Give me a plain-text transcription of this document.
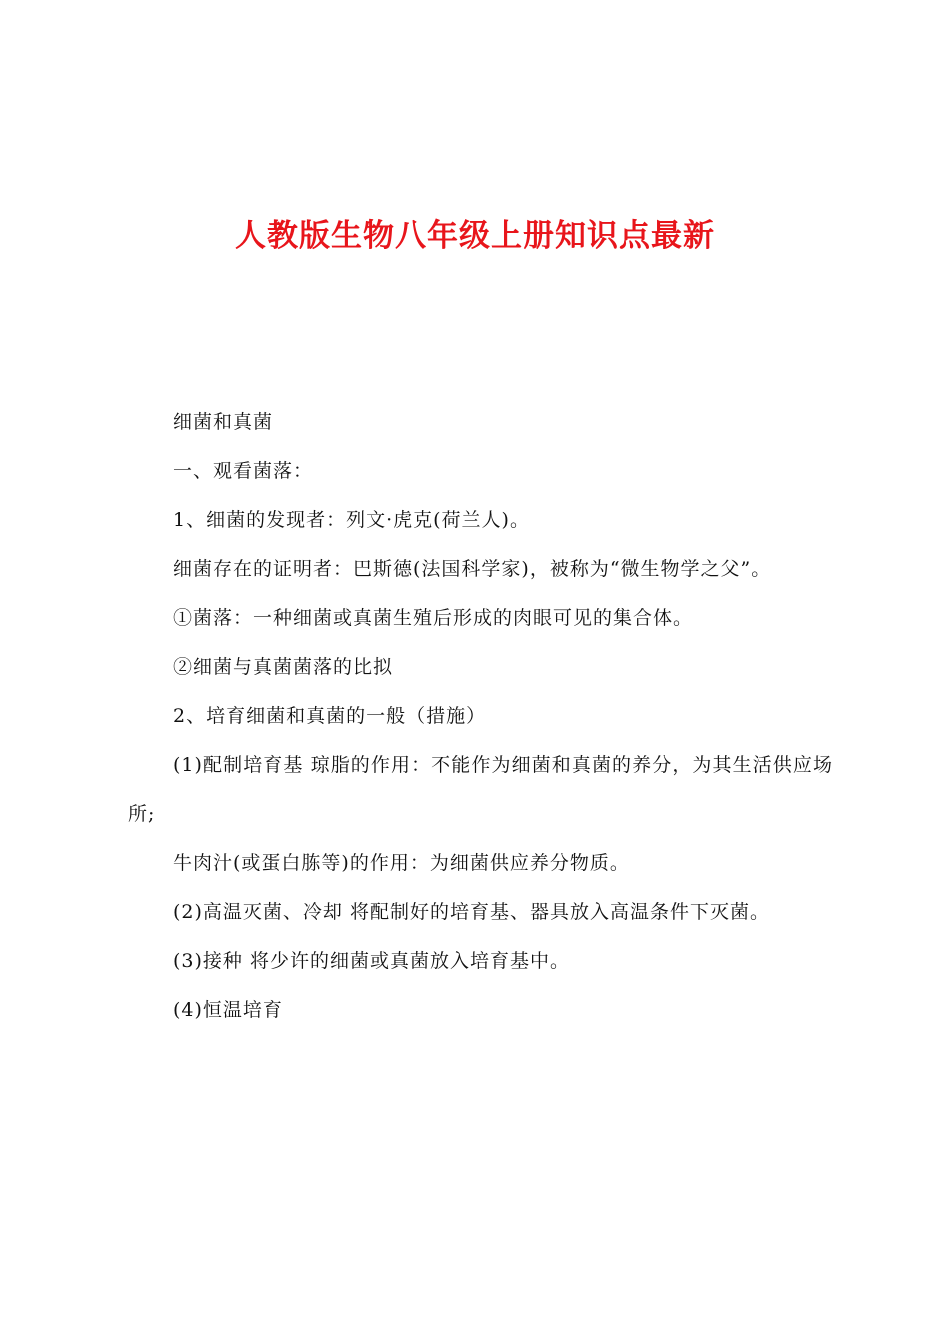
人教版生物八年级上册知识点最新

细菌和真菌

一、观看菌落：

1、细菌的发现者：列文·虎克(荷兰人)。

细菌存在的证明者：巴斯德(法国科学家)，被称为“微生物学之父”。

①菌落：一种细菌或真菌生殖后形成的肉眼可见的集合体。

②细菌与真菌菌落的比拟

2、培育细菌和真菌的一般（措施）

(1)配制培育基 琼脂的作用：不能作为细菌和真菌的养分，为其生活供应场所;

牛肉汁(或蛋白胨等)的作用：为细菌供应养分物质。

(2)高温灭菌、冷却 将配制好的培育基、器具放入高温条件下灭菌。

(3)接种 将少许的细菌或真菌放入培育基中。

(4)恒温培育
